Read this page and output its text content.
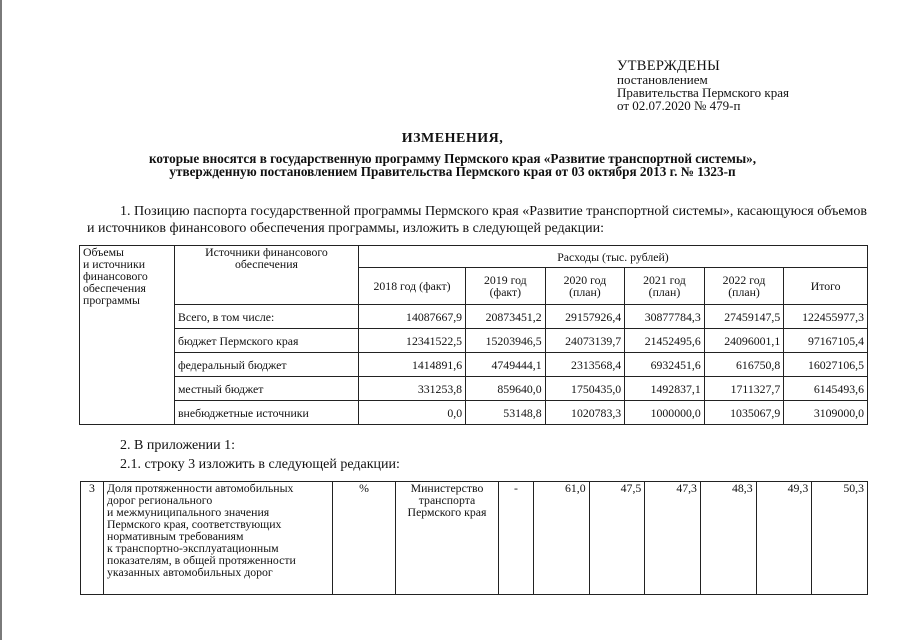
УТВЕРЖДЕНЫ
постановлением
Правительства Пермского края
от 02.07.2020 № 479-п
ИЗМЕНЕНИЯ,
которые вносятся в государственную программу Пермского края «Развитие транспортной системы»,
утвержденную постановлением Правительства Пермского края от 03 октября 2013 г. № 1323-п
1. Позицию паспорта государственной программы Пермского края «Развитие транспортной системы», касающуюся объемов и источников финансового обеспечения программы, изложить в следующей редакции:
Объемы
и источники
финансового
обеспечения
программы	Источники финансового
обеспечения	Расходы (тыс. рублей)					
		2018 год (факт)	2019 год
(факт)	2020 год
(план)	2021 год
(план)	2022 год
(план)	Итого
	Всего, в том числе:	14087667,9	20873451,2	29157926,4	30877784,3	27459147,5	122455977,3
	бюджет Пермского края	12341522,5	15203946,5	24073139,7	21452495,6	24096001,1	97167105,4
	федеральный бюджет	1414891,6	4749444,1	2313568,4	6932451,6	616750,8	16027106,5
	местный бюджет	331253,8	859640,0	1750435,0	1492837,1	1711327,7	6145493,6
	внебюджетные источники	0,0	53148,8	1020783,3	1000000,0	1035067,9	3109000,0
2. В приложении 1:
2.1. строку 3 изложить в следующей редакции:
3	Доля протяженности автомобильных
дорог регионального
и межмуниципального значения
Пермского края, соответствующих
нормативным требованиям
к транспортно-эксплуатационным
показателям, в общей протяженности
указанных автомобильных дорог	%	Министерство
транспорта
Пермского края	-	61,0	47,5	47,3	48,3	49,3	50,3
